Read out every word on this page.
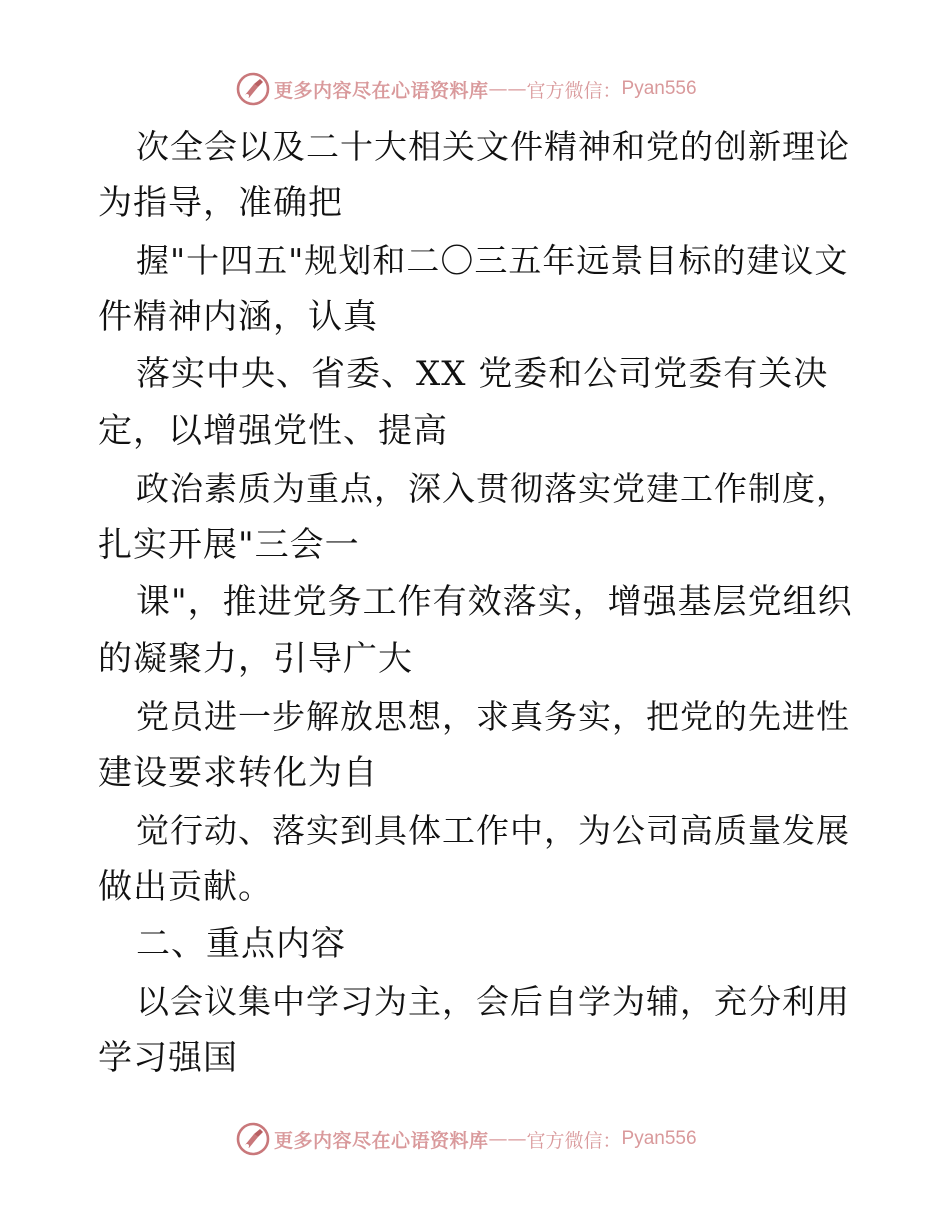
更多内容尽在心语资料库 —— 官方微信： Pyan556
次全会以及二十大相关文件精神和党的创新理论
为指导，准确把
握"十四五"规划和二〇三五年远景目标的建议文
件精神内涵，认真
落实中央、省委、XX 党委和公司党委有关决
定，以增强党性、提高
政治素质为重点，深入贯彻落实党建工作制度，
扎实开展"三会一
课"，推进党务工作有效落实，增强基层党组织
的凝聚力，引导广大
党员进一步解放思想，求真务实，把党的先进性
建设要求转化为自
觉行动、落实到具体工作中，为公司高质量发展
做出贡献。
二、重点内容
以会议集中学习为主，会后自学为辅，充分利用
学习强国
更多内容尽在心语资料库 —— 官方微信： Pyan556
